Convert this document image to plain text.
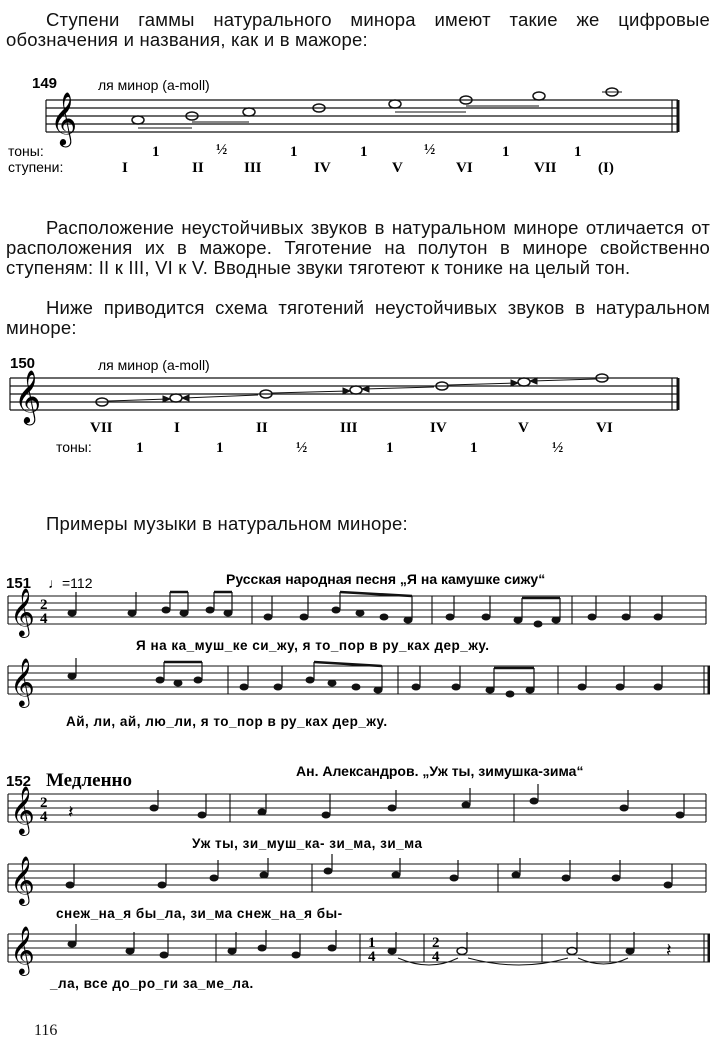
Ступени гаммы натурального минора имеют такие же цифровые обозначения и названия, как и в мажоре:

149	ля минор (a-moll)
𝄞
тоны:	1	½	1	1	½	1	1
ступени:	I	II	III	IV	V	VI	VII	(I)

Расположение неустойчивых звуков в натуральном миноре отличается от расположения их в мажоре. Тяготение на полутон в миноре свойственно ступеням: II к III, VI к V. Вводные звуки тяготеют к тонике на целый тон.

Ниже приводится схема тяготений неустойчивых звуков в натуральном миноре:

150	ля минор (a-moll)
𝄞
VII	I	II	III	IV	V	VI
тоны:	1	1	½	1	1	½

Примеры музыки в натуральном миноре:

151 ♩=112	Русская народная песня „Я на камушке сижу“
𝄞 2
4
Я на ка_муш_ке си_жу, я то_пор в ру_ках дер_жу.
𝄞
Ай, ли, ай, лю_ли, я то_пор в ру_ках дер_жу.
152 Медленно	Ан. Александров. „Уж ты, зимушка-зима“
𝄞 2
4 𝄽
Уж ты, зи_муш_ка- зи_ма, зи_ма
𝄞
снеж_на_я бы_ла, зи_ма снеж_на_я бы-
𝄞	1
4
2
4	𝄽
_ла, все до_ро_ги за_ме_ла.
116
